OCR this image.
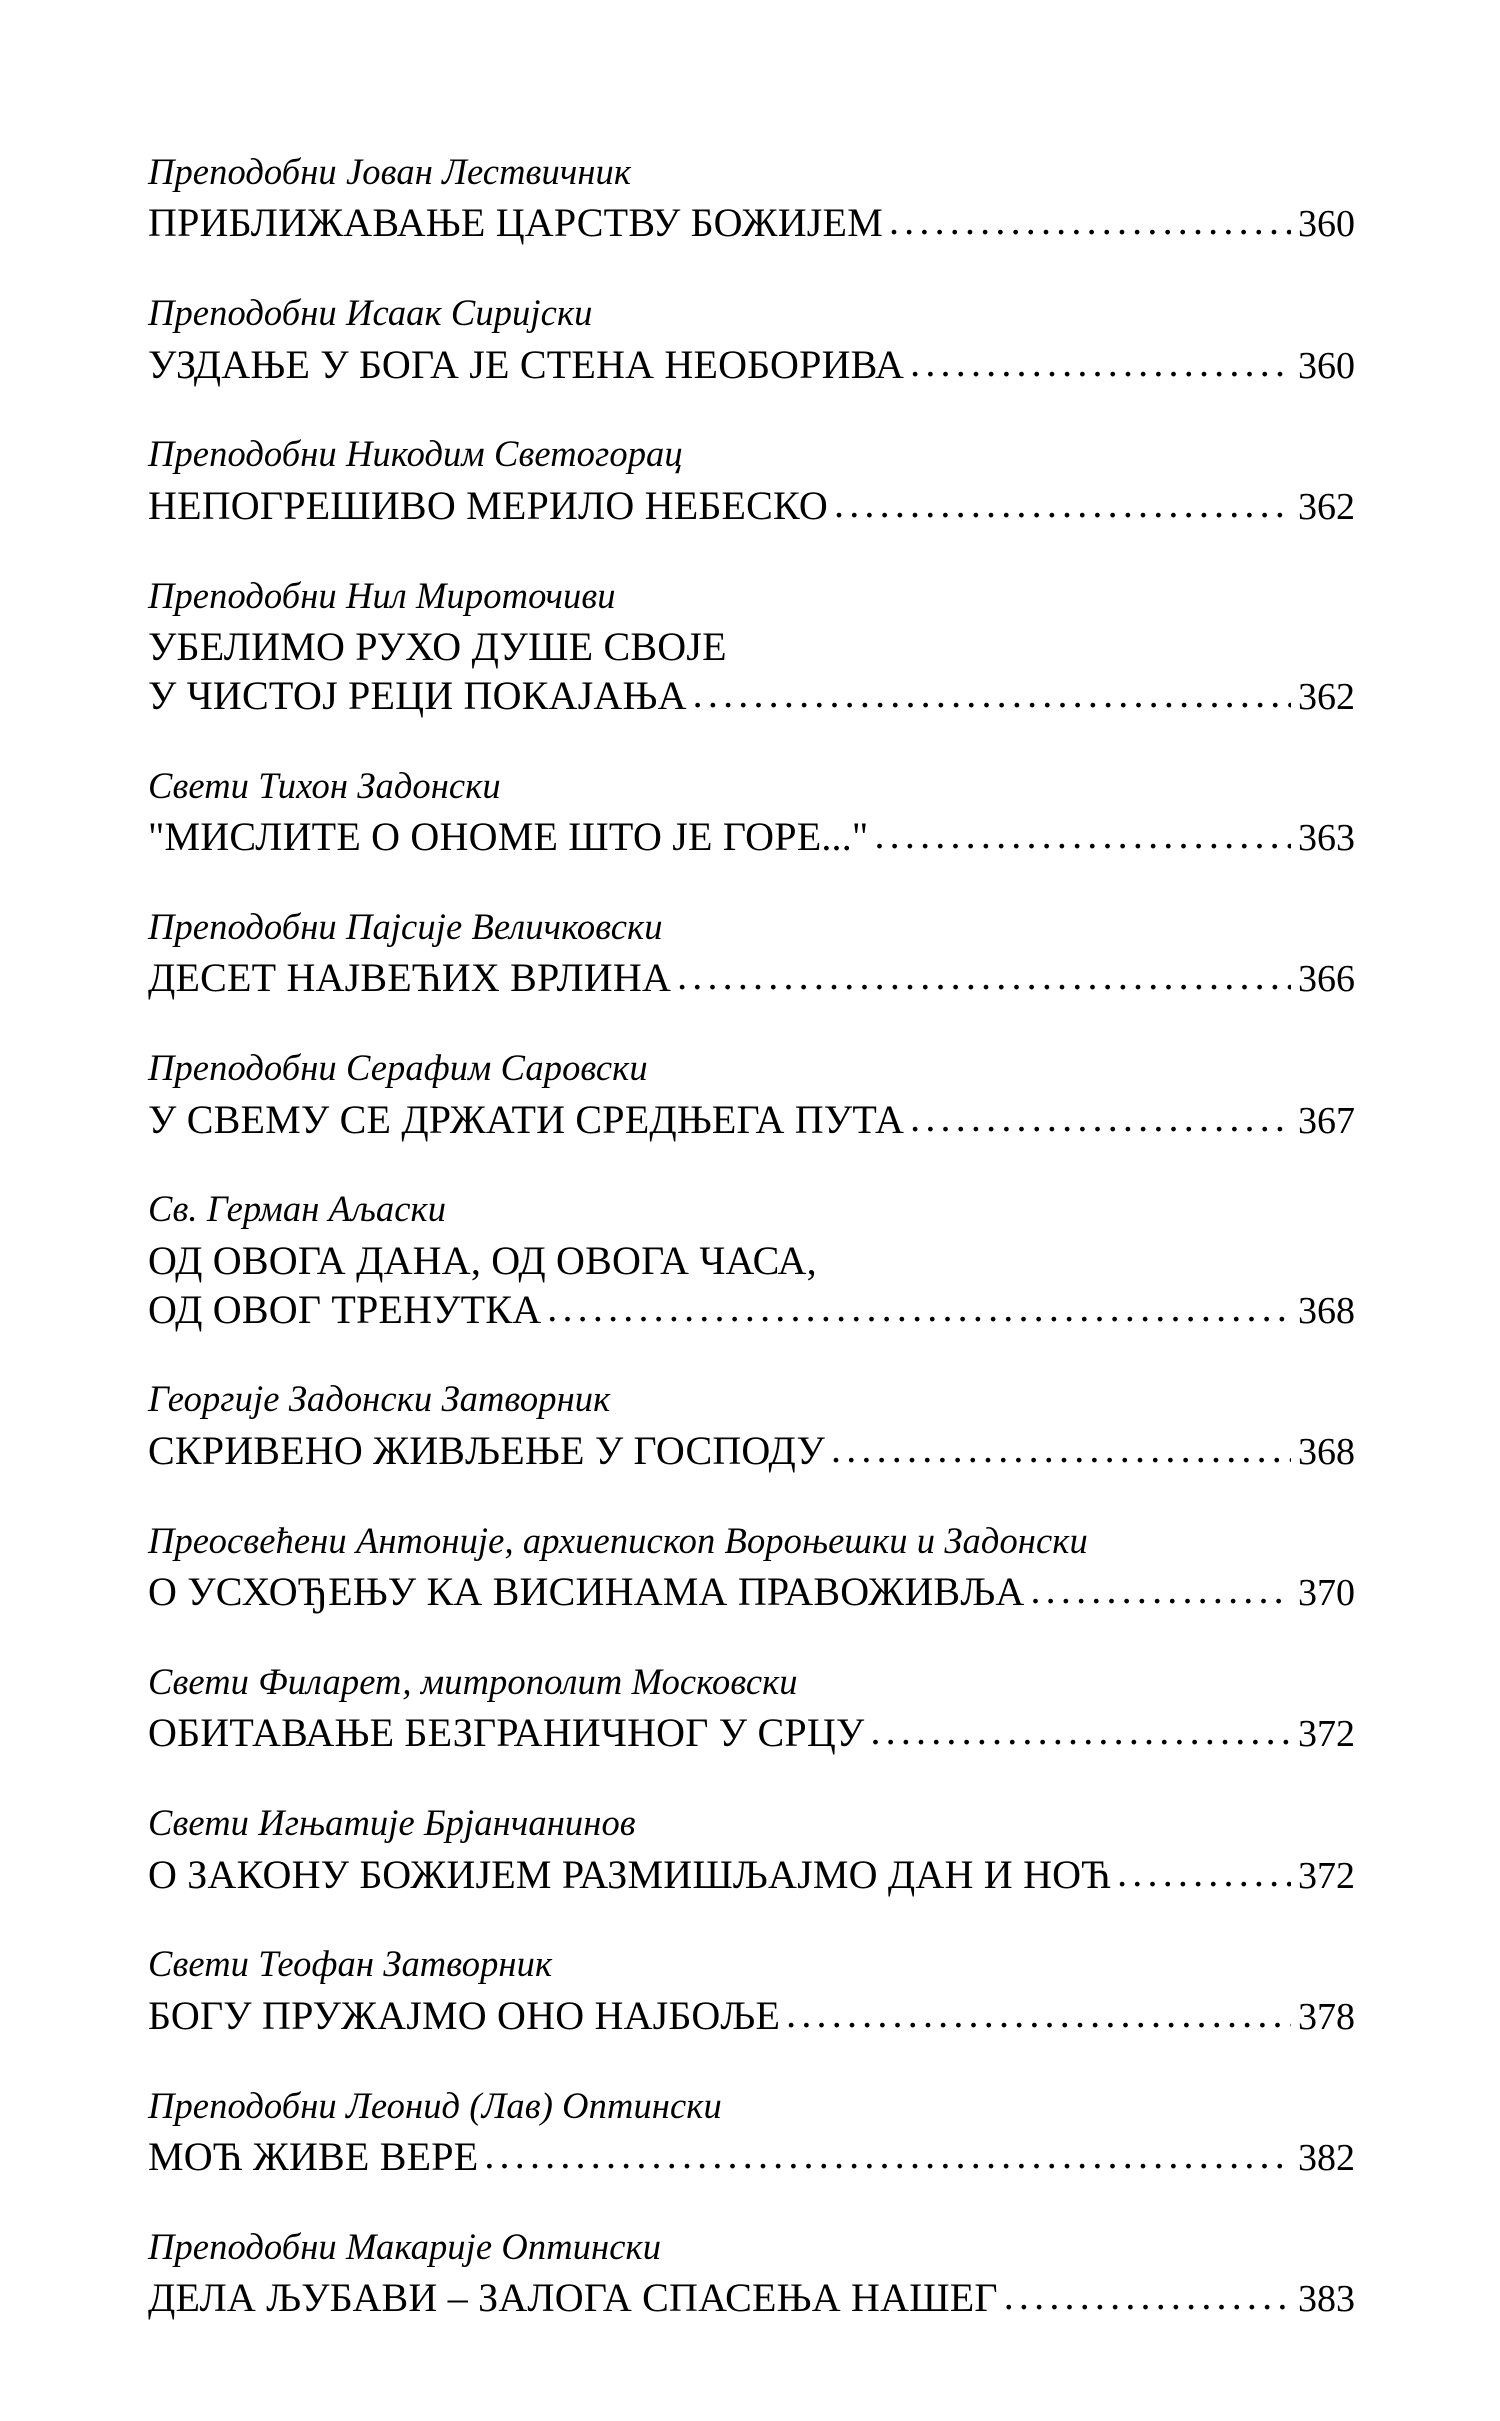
Преподобни Јован Лествичник
ПРИБЛИЖАВАЊЕ ЦАРСТВУ БОЖИЈЕМ .....	360
Преподобни Исаак Сиријски
УЗДАЊЕ У БОГА ЈЕ СТЕНА НЕОБОРИВА .....	360
Преподобни Никодим Светогорац
НЕПОГРЕШИВО МЕРИЛО НЕБЕСКО .....	362
Преподобни Нил Мироточиви
УБЕЛИМО РУХО ДУШЕ СВОЈЕ
У ЧИСТОЈ РЕЦИ ПОКАЈАЊА .....	362
Свети Тихон Задонски
"МИСЛИТЕ О ОНОМЕ ШТО ЈЕ ГОРЕ..." .....	363
Преподобни Пајсије Величковски
ДЕСЕТ НАЈВЕЋИХ ВРЛИНА .....	366
Преподобни Серафим Саровски
У СВЕМУ СЕ ДРЖАТИ СРЕДЊЕГА ПУТА .....	367
Св. Герман Аљаски
ОД ОВОГА ДАНА, ОД ОВОГА ЧАСА,
ОД ОВОГ ТРЕНУТКА .....	368
Георгије Задонски Затворник
СКРИВЕНО ЖИВЉЕЊЕ У ГОСПОДУ .....	368
Преосвећени Антоније, архиепископ Вороњешки и Задонски
О УСХОЂЕЊУ КА ВИСИНАМА ПРАВОЖИВЉА .....	370
Свети Филарет, митрополит Московски
ОБИТАВАЊЕ БЕЗГРАНИЧНОГ У СРЦУ .....	372
Свети Игњатије Брјанчанинов
О ЗАКОНУ БОЖИЈЕМ РАЗМИШЉАЈМО ДАН И НОЋ .....	372
Свети Теофан Затворник
БОГУ ПРУЖАЈМО ОНО НАЈБОЉЕ .....	378
Преподобни Леонид (Лав) Оптински
МОЋ ЖИВЕ ВЕРЕ .....	382
Преподобни Макарије Оптински
ДЕЛА ЉУБАВИ – ЗАЛОГА СПАСЕЊА НАШЕГ .....	383
